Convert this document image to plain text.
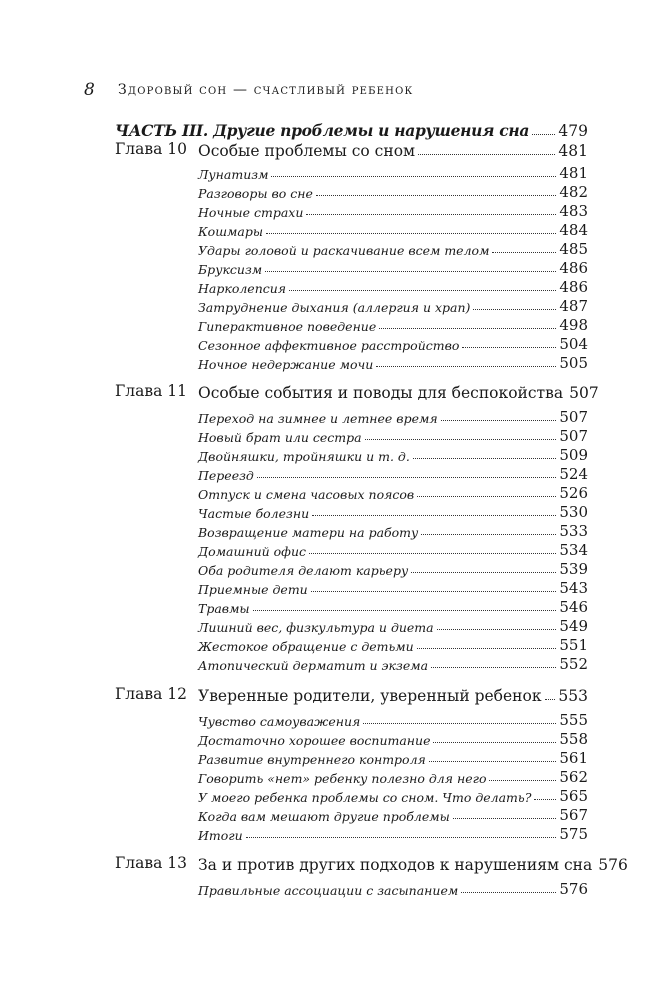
8 Здоровый сон — счастливый ребенок
ЧАСТЬ III. Другие проблемы и нарушения сна 479
Глава 10 Особые проблемы со сном	481
Лунатизм	481
Разговоры во сне	482
Ночные страхи	483
Кошмары	484
Удары головой и раскачивание всем телом	485
Бруксизм	486
Нарколепсия	486
Затруднение дыхания (аллергия и храп)	487
Гиперактивное поведение	498
Сезонное аффективное расстройство	504
Ночное недержание мочи	505
Глава 11 Особые события и поводы для беспокойства 507
Переход на зимнее и летнее время	507
Новый брат или сестра	507
Двойняшки, тройняшки и т. д.	509
Переезд	524
Отпуск и смена часовых поясов	526
Частые болезни	530
Возвращение матери на работу	533
Домашний офис	534
Оба родителя делают карьеру	539
Приемные дети	543
Травмы	546
Лишний вес, физкультура и диета	549
Жестокое обращение с детьми	551
Атопический дерматит и экзема	552
Глава 12 Уверенные родители, уверенный ребенок 553
Чувство самоуважения	555
Достаточно хорошее воспитание	558
Развитие внутреннего контроля	561
Говорить «нет» ребенку полезно для него	562
У моего ребенка проблемы со сном. Что делать? 565
Когда вам мешают другие проблемы	567
Итоги	575
Глава 13 За и против других подходов к нарушениям сна 576
Правильные ассоциации с засыпанием	576
